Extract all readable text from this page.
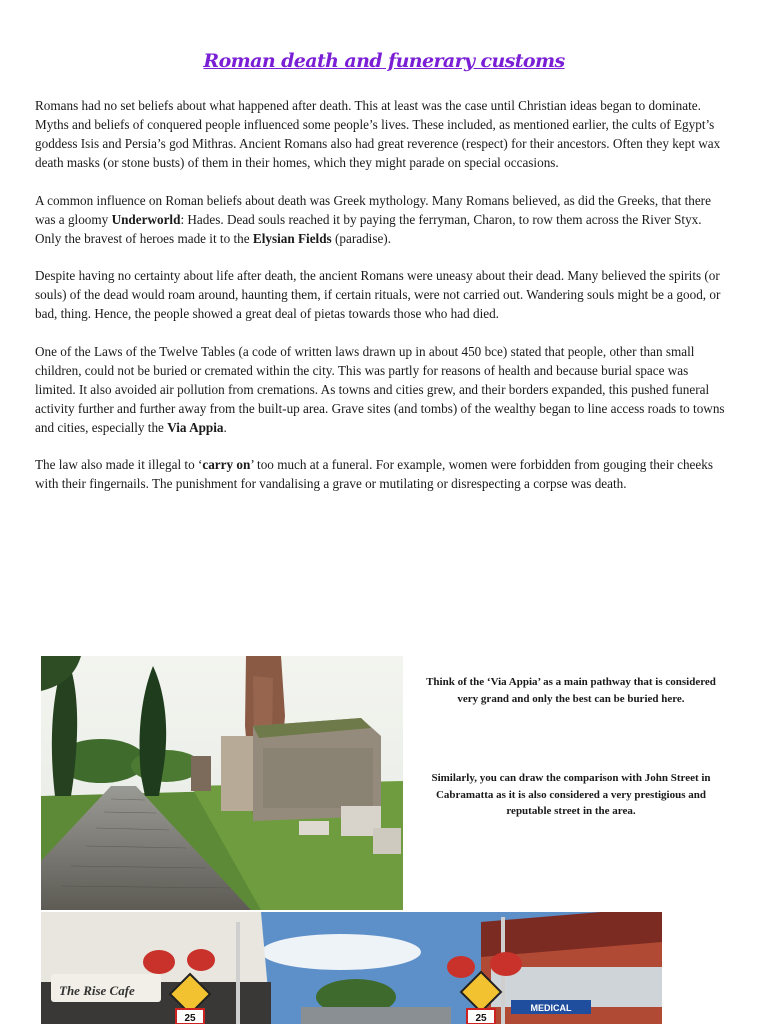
Roman death and funerary customs

Romans had no set beliefs about what happened after death. This at least was the case until Christian ideas began to dominate. Myths and beliefs of conquered people influenced some people’s lives. These included, as mentioned earlier, the cults of Egypt’s goddess Isis and Persia’s god Mithras. Ancient Romans also had great reverence (respect) for their ancestors. Often they kept wax death masks (or stone busts) of them in their homes, which they might parade on special occasions.

A common influence on Roman beliefs about death was Greek mythology. Many Romans believed, as did the Greeks, that there was a gloomy Underworld: Hades. Dead souls reached it by paying the ferryman, Charon, to row them across the River Styx. Only the bravest of heroes made it to the Elysian Fields (paradise).

Despite having no certainty about life after death, the ancient Romans were uneasy about their dead. Many believed the spirits (or souls) of the dead would roam around, haunting them, if certain rituals, were not carried out. Wandering souls might be a good, or bad, thing. Hence, the people showed a great deal of pietas towards those who had died.

One of the Laws of the Twelve Tables (a code of written laws drawn up in about 450 bce) stated that people, other than small children, could not be buried or cremated within the city. This was partly for reasons of health and because burial space was limited. It also avoided air pollution from cremations. As towns and cities grew, and their borders expanded, this pushed funeral activity further and further away from the built-up area. Grave sites (and tombs) of the wealthy began to line access roads to towns and cities, especially the Via Appia.

The law also made it illegal to ‘carry on’ too much at a funeral. For example, women were forbidden from gouging their cheeks with their fingernails. The punishment for vandalising a grave or mutilating or disrespecting a corpse was death.

The Rise Cafe
25	25
MEDICAL
Think of the ‘Via Appia’ as a main pathway that is considered very grand and only the best can be buried here.
Similarly, you can draw the comparison with John Street in Cabramatta as it is also considered a very prestigious and reputable street in the area.
